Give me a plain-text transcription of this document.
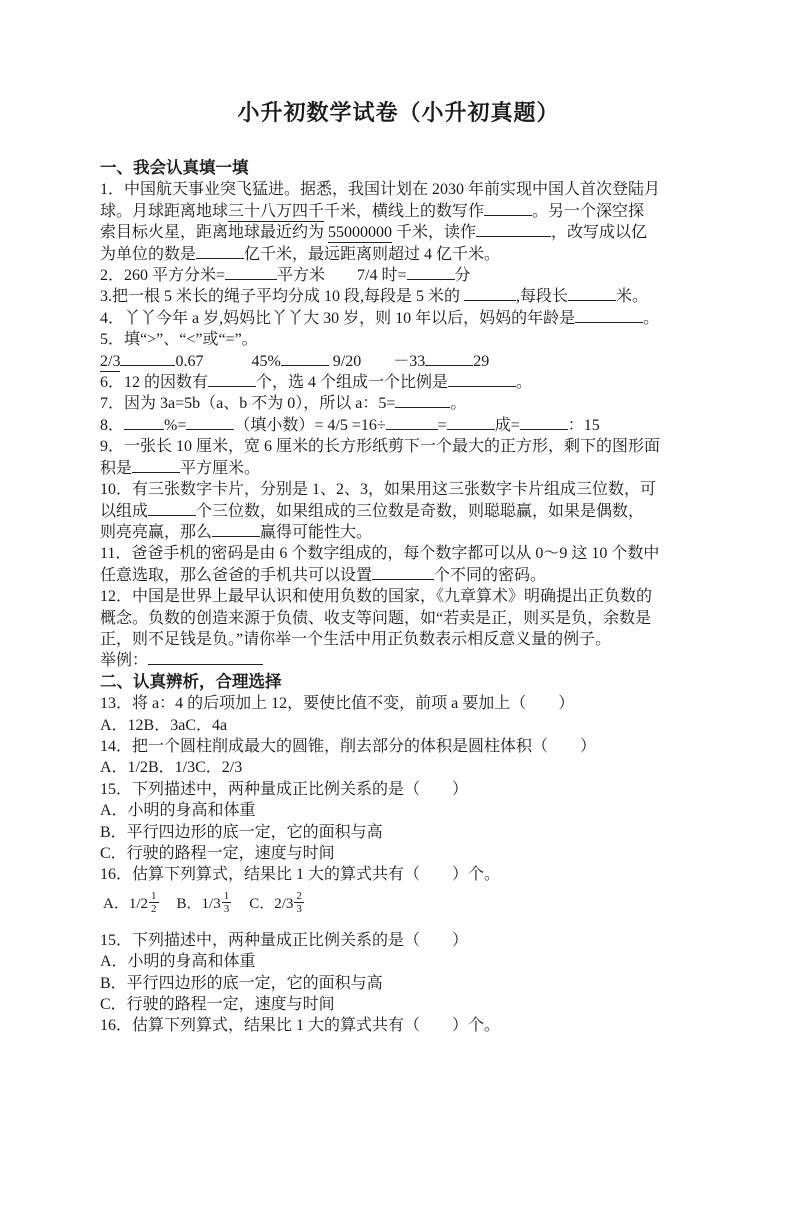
小升初数学试卷（小升初真题）
一、我会认真填一填
1．中国航天事业突飞猛进。据悉，我国计划在 2030 年前实现中国人首次登陆月
球。月球距离地球三十八万四千千米，横线上的数写作	。另一个深空探
索目标火星，距离地球最近约为 55000000 千米，读作	，改写成以亿
为单位的数是	亿千米，最远距离则超过 4 亿千米。
2．260 平方分米=	平方米　　7/4 时=	分
3.把一根 5 米长的绳子平均分成 10 段,每段是 5 米的	,每段长	米。
4．丫丫今年 a 岁,妈妈比丫丫大 30 岁，则 10 年以后，妈妈的年龄是	。
5．填“>”、“<”或“=”。
2/3	0.67　　　45%	9/20　　－33	29
6．12 的因数有	个，选 4 个组成一个比例是	。
7．因为 3a=5b（a、b 不为 0），所以 a：5=	。
8．	%=	（填小数）= 4/5 =16÷	=	成=	：15
9．一张长 10 厘米，宽 6 厘米的长方形纸剪下一个最大的正方形，剩下的图形面
积是	平方厘米。
10．有三张数字卡片，分别是 1、2、3，如果用这三张数字卡片组成三位数，可
以组成	个三位数，如果组成的三位数是奇数，则聪聪赢，如果是偶数，
则亮亮赢，那么	赢得可能性大。
11．爸爸手机的密码是由 6 个数字组成的，每个数字都可以从 0～9 这 10 个数中
任意选取，那么爸爸的手机共可以设置	个不同的密码。
12．中国是世界上最早认识和使用负数的国家，《九章算术》明确提出正负数的
概念。负数的创造来源于负债、收支等问题，如“若卖是正，则买是负，余数是
正，则不足钱是负。”请你举一个生活中用正负数表示相反意义量的例子。
举例：
二、认真辨析，合理选择
13．将 a：4 的后项加上 12，要使比值不变，前项 a 要加上（　　）
A．12B．3aC．4a
14．把一个圆柱削成最大的圆锥，削去部分的体积是圆柱体积（　　）
A．1/2B．1/3C．2/3
15．下列描述中，两种量成正比例关系的是（　　）
A．小明的身高和体重
B．平行四边形的底一定，它的面积与高
C．行驶的路程一定，速度与时间
16．估算下列算式，结果比 1 大的算式共有（　　）个。
A．$1/2 \frac{1}{2}$ B．$1/3 \frac{1}{3}$ C．$2/3 \frac{2}{3}$
15．下列描述中，两种量成正比例关系的是（　　）
A．小明的身高和体重
B．平行四边形的底一定，它的面积与高
C．行驶的路程一定，速度与时间
16．估算下列算式，结果比 1 大的算式共有（　　）个。
